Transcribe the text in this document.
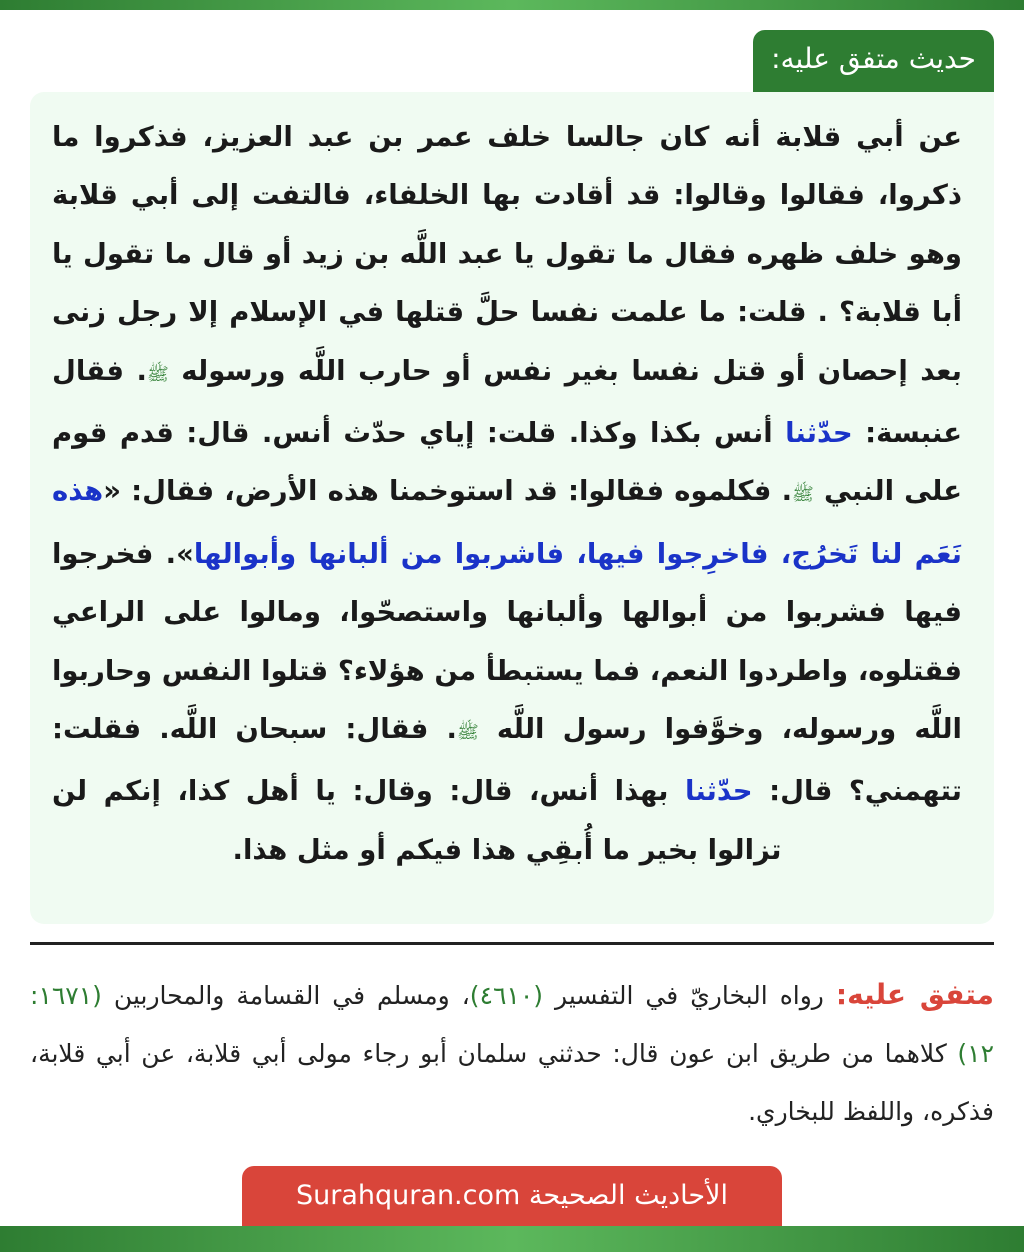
حديث متفق عليه:

عن أبي قلابة أنه كان جالسا خلف عمر بن عبد العزيز، فذكروا ما ذكروا، فقالوا وقالوا: قد أقادت بها الخلفاء، فالتفت إلى أبي قلابة وهو خلف ظهره فقال ما تقول يا عبد اللَّه بن زيد أو قال ما تقول يا أبا قلابة؟ . قلت: ما علمت نفسا حلَّ قتلها في الإسلام إلا رجل زنى بعد إحصان أو قتل نفسا بغير نفس أو حارب اللَّه ورسوله ﷺ. فقال عنبسة: حدّثنا أنس بكذا وكذا. قلت: إياي حدّث أنس. قال: قدم قوم على النبي ﷺ. فكلموه فقالوا: قد استوخمنا هذه الأرض، فقال: «هذه نَعَم لنا تَخرُج، فاخرِجوا فيها، فاشربوا من ألبانها وأبوالها». فخرجوا فيها فشربوا من أبوالها وألبانها واستصحّوا، ومالوا على الراعي فقتلوه، واطردوا النعم، فما يستبطأ من هؤلاء؟ قتلوا النفس وحاربوا اللَّه ورسوله، وخوَّفوا رسول اللَّه ﷺ. فقال: سبحان اللَّه. فقلت: تتهمني؟ قال: حدّثنا بهذا أنس، قال: وقال: يا أهل كذا، إنكم لن تزالوا بخير ما أُبقِي هذا فيكم أو مثل هذا.

متفق عليه: رواه البخاريّ في التفسير (٤٦١٠)، ومسلم في القسامة والمحاربين (١٦٧١: ١٢) كلاهما من طريق ابن عون قال: حدثني سلمان أبو رجاء مولى أبي قلابة، عن أبي قلابة، فذكره، واللفظ للبخاري.

الأحاديث الصحيحة Surahquran.com
